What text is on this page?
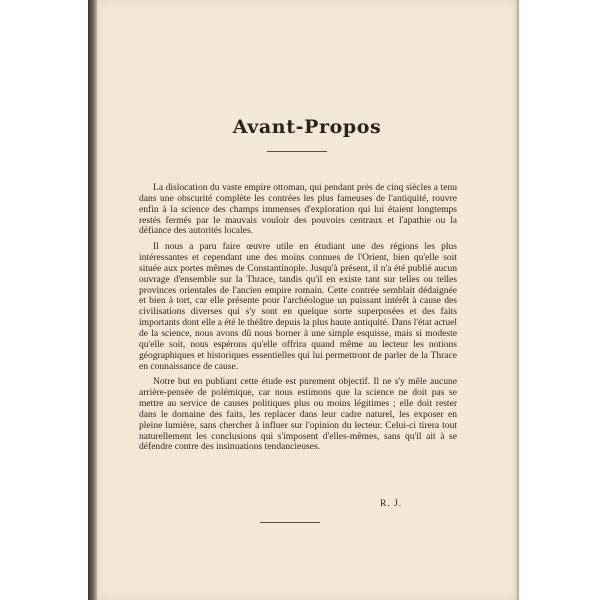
Avant-Propos

La dislocation du vaste empire ottoman, qui pendant près de cinq siècles a tenu dans une obscurité complète les contrées les plus fameuses de l'antiquité, rouvre enfin à la science des champs immenses d'exploration qui lui étaient longtemps restés fermés par le mauvais vouloir des pouvoirs centraux et l'apathie ou la défiance des autorités locales.

Il nous a paru faire œuvre utile en étudiant une des régions les plus intéressantes et cependant une des moins connues de l'Orient, bien qu'elle soit située aux portes mêmes de Constantinople. Jusqu'à présent, il n'a été publié aucun ouvrage d'ensemble sur la Thrace, tandis qu'il en existe tant sur telles ou telles provinces orientales de l'ancien empire romain. Cette contrée semblait dédaignée et bien à tort, car elle présente pour l'archéologue un puissant intérêt à cause des civilisations diverses qui s'y sont en quelque sorte superposées et des faits importants dont elle a été le théâtre depuis la plus haute antiquité. Dans l'état actuel de la science, nous avons dû nous borner à une simple esquisse, mais si modeste qu'elle soit, nous espérons qu'elle offrira quand même au lecteur les notions géographiques et historiques essentielles qui lui permettront de parler de la Thrace en connaissance de cause.

Notre but en publiant cette étude est purement objectif. Il ne s'y mêle aucune arrière-pensée de polémique, car nous estimons que la science ne doit pas se mettre au service de causes politiques plus ou moins légitimes ; elle doit rester dans le domaine des faits, les replacer dans leur cadre naturel, les exposer en pleine lumière, sans chercher à influer sur l'opinion du lecteur. Celui-ci tirera tout naturellement les conclusions qui s'imposent d'elles-mêmes, sans qu'il ait à se défendre contre des insinuations tendancieuses.

R. J.
